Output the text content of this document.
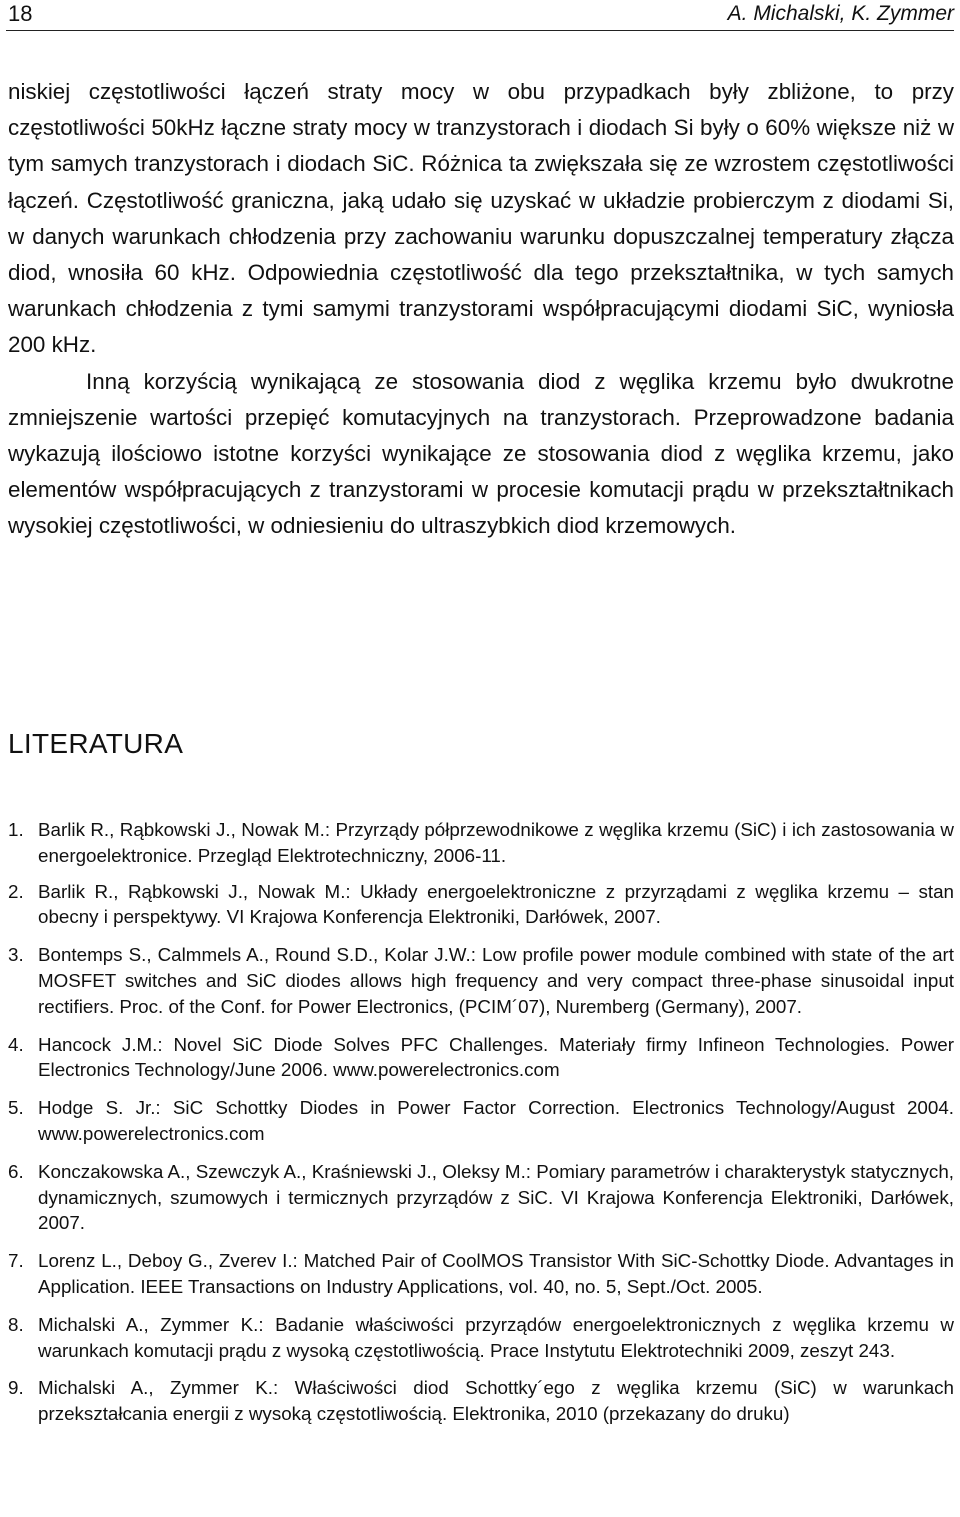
18	A. Michalski, K. Zymmer

niskiej częstotliwości łączeń straty mocy w obu przypadkach były zbliżone, to przy częstotliwości 50kHz łączne straty mocy w tranzystorach i diodach Si były o 60% większe niż w tym samych tranzystorach i diodach SiC. Różnica ta zwiększała się ze wzrostem częstotliwości łączeń. Częstotliwość graniczna, jaką udało się uzyskać w układzie probierczym z diodami Si, w danych warunkach chłodzenia przy zachowaniu warunku dopuszczalnej temperatury złącza diod, wnosiła 60 kHz. Odpowiednia częstotliwość dla tego przekształtnika, w tych samych warunkach chłodzenia z tymi samymi tranzystorami współpracującymi diodami SiC, wyniosła 200 kHz.

Inną korzyścią wynikającą ze stosowania diod z węglika krzemu było dwukrotne zmniejszenie wartości przepięć komutacyjnych na tranzystorach. Przeprowadzone badania wykazują ilościowo istotne korzyści wynikające ze stosowania diod z węglika krzemu, jako elementów współpracujących z tranzystorami w procesie komutacji prądu w przekształtnikach wysokiej częstotliwości, w odniesieniu do ultraszybkich diod krzemowych.

LITERATURA
1. Barlik R., Rąbkowski J., Nowak M.: Przyrządy półprzewodnikowe z węglika krzemu (SiC) i ich zastosowania w energoelektronice. Przegląd Elektrotechniczny, 2006-11.
2. Barlik R., Rąbkowski J., Nowak M.: Układy energoelektroniczne z przyrządami z węglika krzemu – stan obecny i perspektywy. VI Krajowa Konferencja Elektroniki, Darłówek, 2007.
3. Bontemps S., Calmmels A., Round S.D., Kolar J.W.: Low profile power module combined with state of the art MOSFET switches and SiC diodes allows high frequency and very compact three-phase sinusoidal input rectifiers. Proc. of the Conf. for Power Electronics, (PCIM´07), Nuremberg (Germany), 2007.
4. Hancock J.M.: Novel SiC Diode Solves PFC Challenges. Materiały firmy Infineon Technologies. Power Electronics Technology/June 2006. www.powerelectronics.com
5. Hodge S. Jr.: SiC Schottky Diodes in Power Factor Correction. Electronics Technology/August 2004. www.powerelectronics.com
6. Konczakowska A., Szewczyk A., Kraśniewski J., Oleksy M.: Pomiary parametrów i charakterystyk statycznych, dynamicznych, szumowych i termicznych przyrządów z SiC. VI Krajowa Konferencja Elektroniki, Darłówek, 2007.
7. Lorenz L., Deboy G., Zverev I.: Matched Pair of CoolMOS Transistor With SiC-Schottky Diode. Advantages in Application. IEEE Transactions on Industry Applications, vol. 40, no. 5, Sept./Oct. 2005.
8. Michalski A., Zymmer K.: Badanie właściwości przyrządów energoelektronicznych z węglika krzemu w warunkach komutacji prądu z wysoką częstotliwością. Prace Instytutu Elektrotechniki 2009, zeszyt 243.
9. Michalski A., Zymmer K.: Właściwości diod Schottky´ego z węglika krzemu (SiC) w warunkach przekształcania energii z wysoką częstotliwością. Elektronika, 2010 (przekazany do druku)
